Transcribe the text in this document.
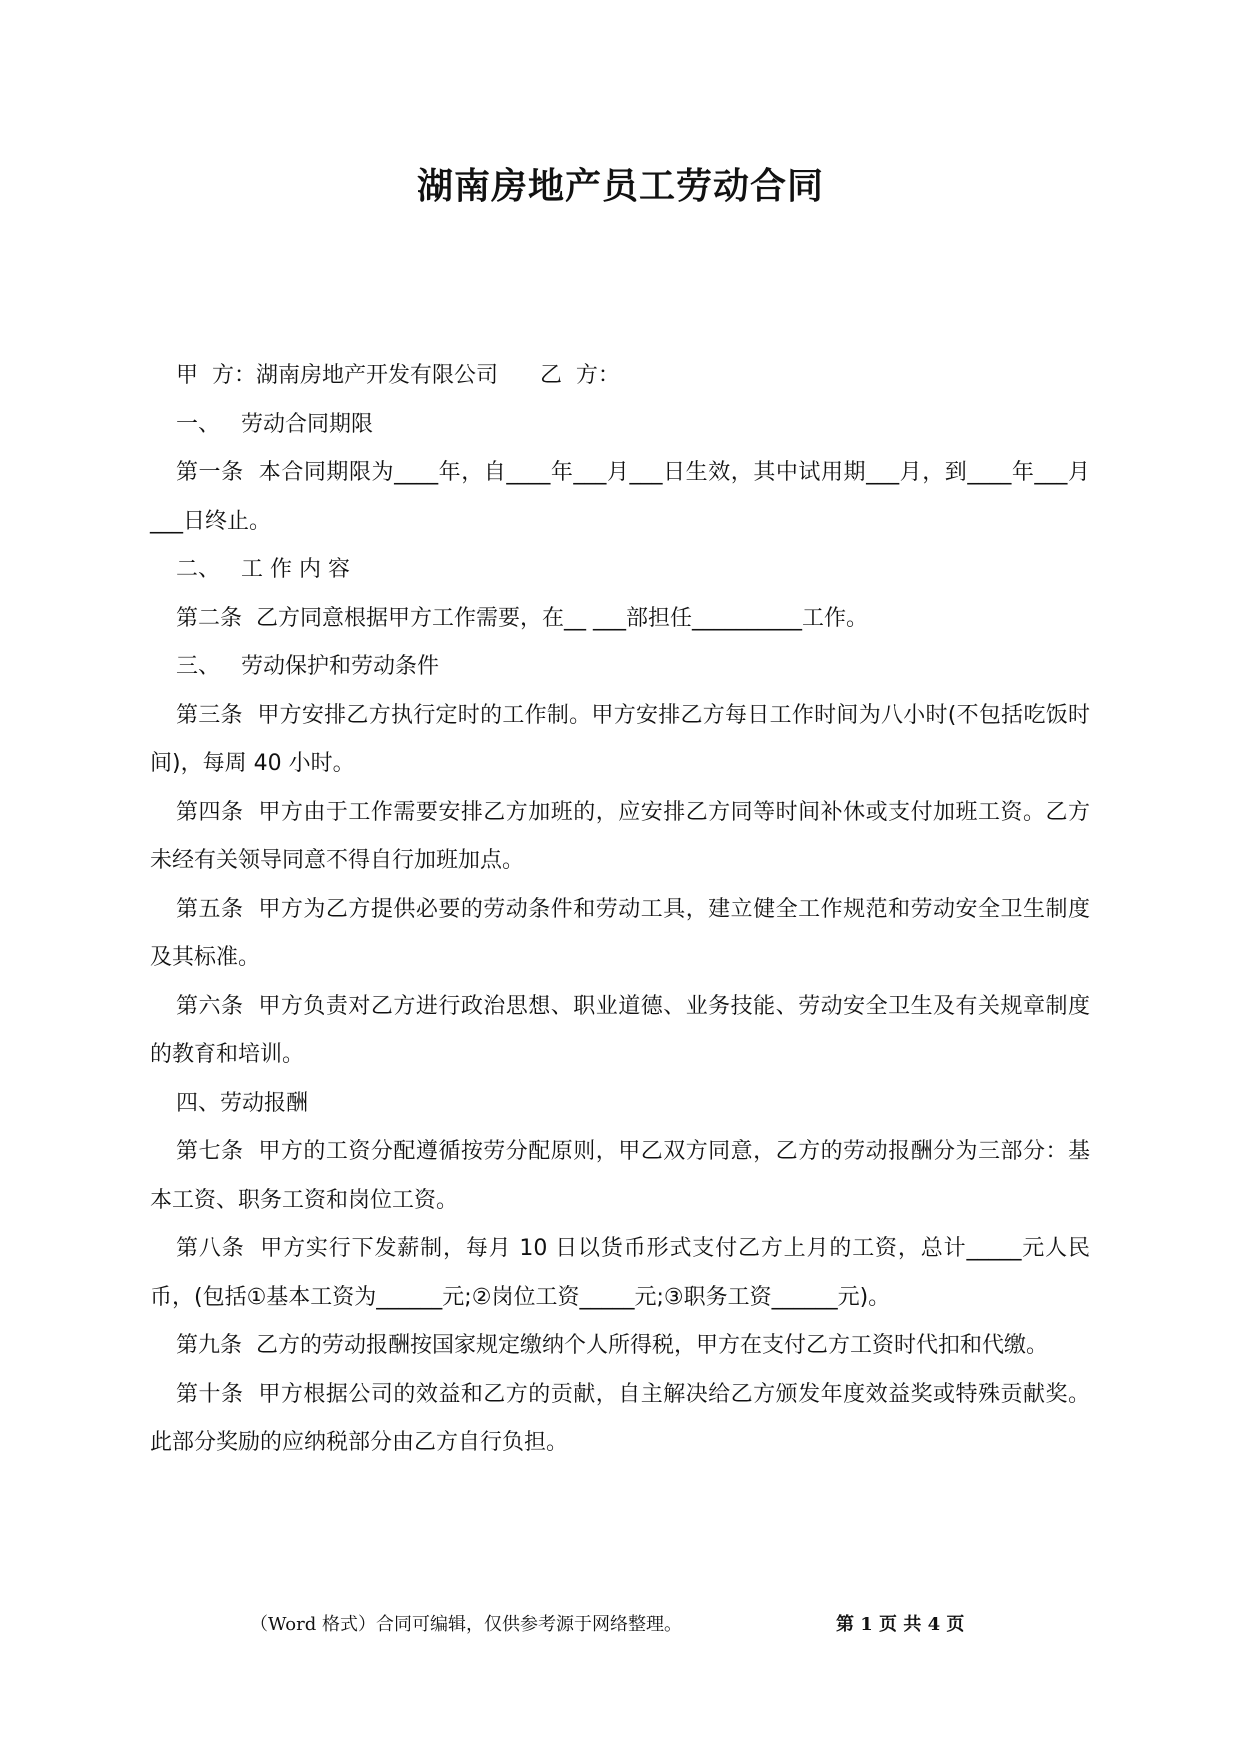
湖南房地产员工劳动合同

甲  方：湖南房地产开发有限公司      乙  方：

一、   劳动合同期限

第一条  本合同期限为____年，自____年___月___日生效，其中试用期___月，到____年___月___日终止。

二、   工 作 内 容

第二条  乙方同意根据甲方工作需要，在__ ___部担任__________工作。

三、   劳动保护和劳动条件

第三条  甲方安排乙方执行定时的工作制。甲方安排乙方每日工作时间为八小时(不包括吃饭时间)，每周 40 小时。

第四条  甲方由于工作需要安排乙方加班的，应安排乙方同等时间补休或支付加班工资。乙方未经有关领导同意不得自行加班加点。

第五条  甲方为乙方提供必要的劳动条件和劳动工具，建立健全工作规范和劳动安全卫生制度及其标准。

第六条  甲方负责对乙方进行政治思想、职业道德、业务技能、劳动安全卫生及有关规章制度的教育和培训。

四、劳动报酬

第七条  甲方的工资分配遵循按劳分配原则，甲乙双方同意，乙方的劳动报酬分为三部分：基本工资、职务工资和岗位工资。

第八条  甲方实行下发薪制，每月 10 日以货币形式支付乙方上月的工资，总计_____元人民币，(包括①基本工资为______元;②岗位工资_____元;③职务工资______元)。

第九条  乙方的劳动报酬按国家规定缴纳个人所得税，甲方在支付乙方工资时代扣和代缴。

第十条  甲方根据公司的效益和乙方的贡献，自主解决给乙方颁发年度效益奖或特殊贡献奖。此部分奖励的应纳税部分由乙方自行负担。

（Word 格式）合同可编辑，仅供参考源于网络整理。	第 1 页 共 4 页
